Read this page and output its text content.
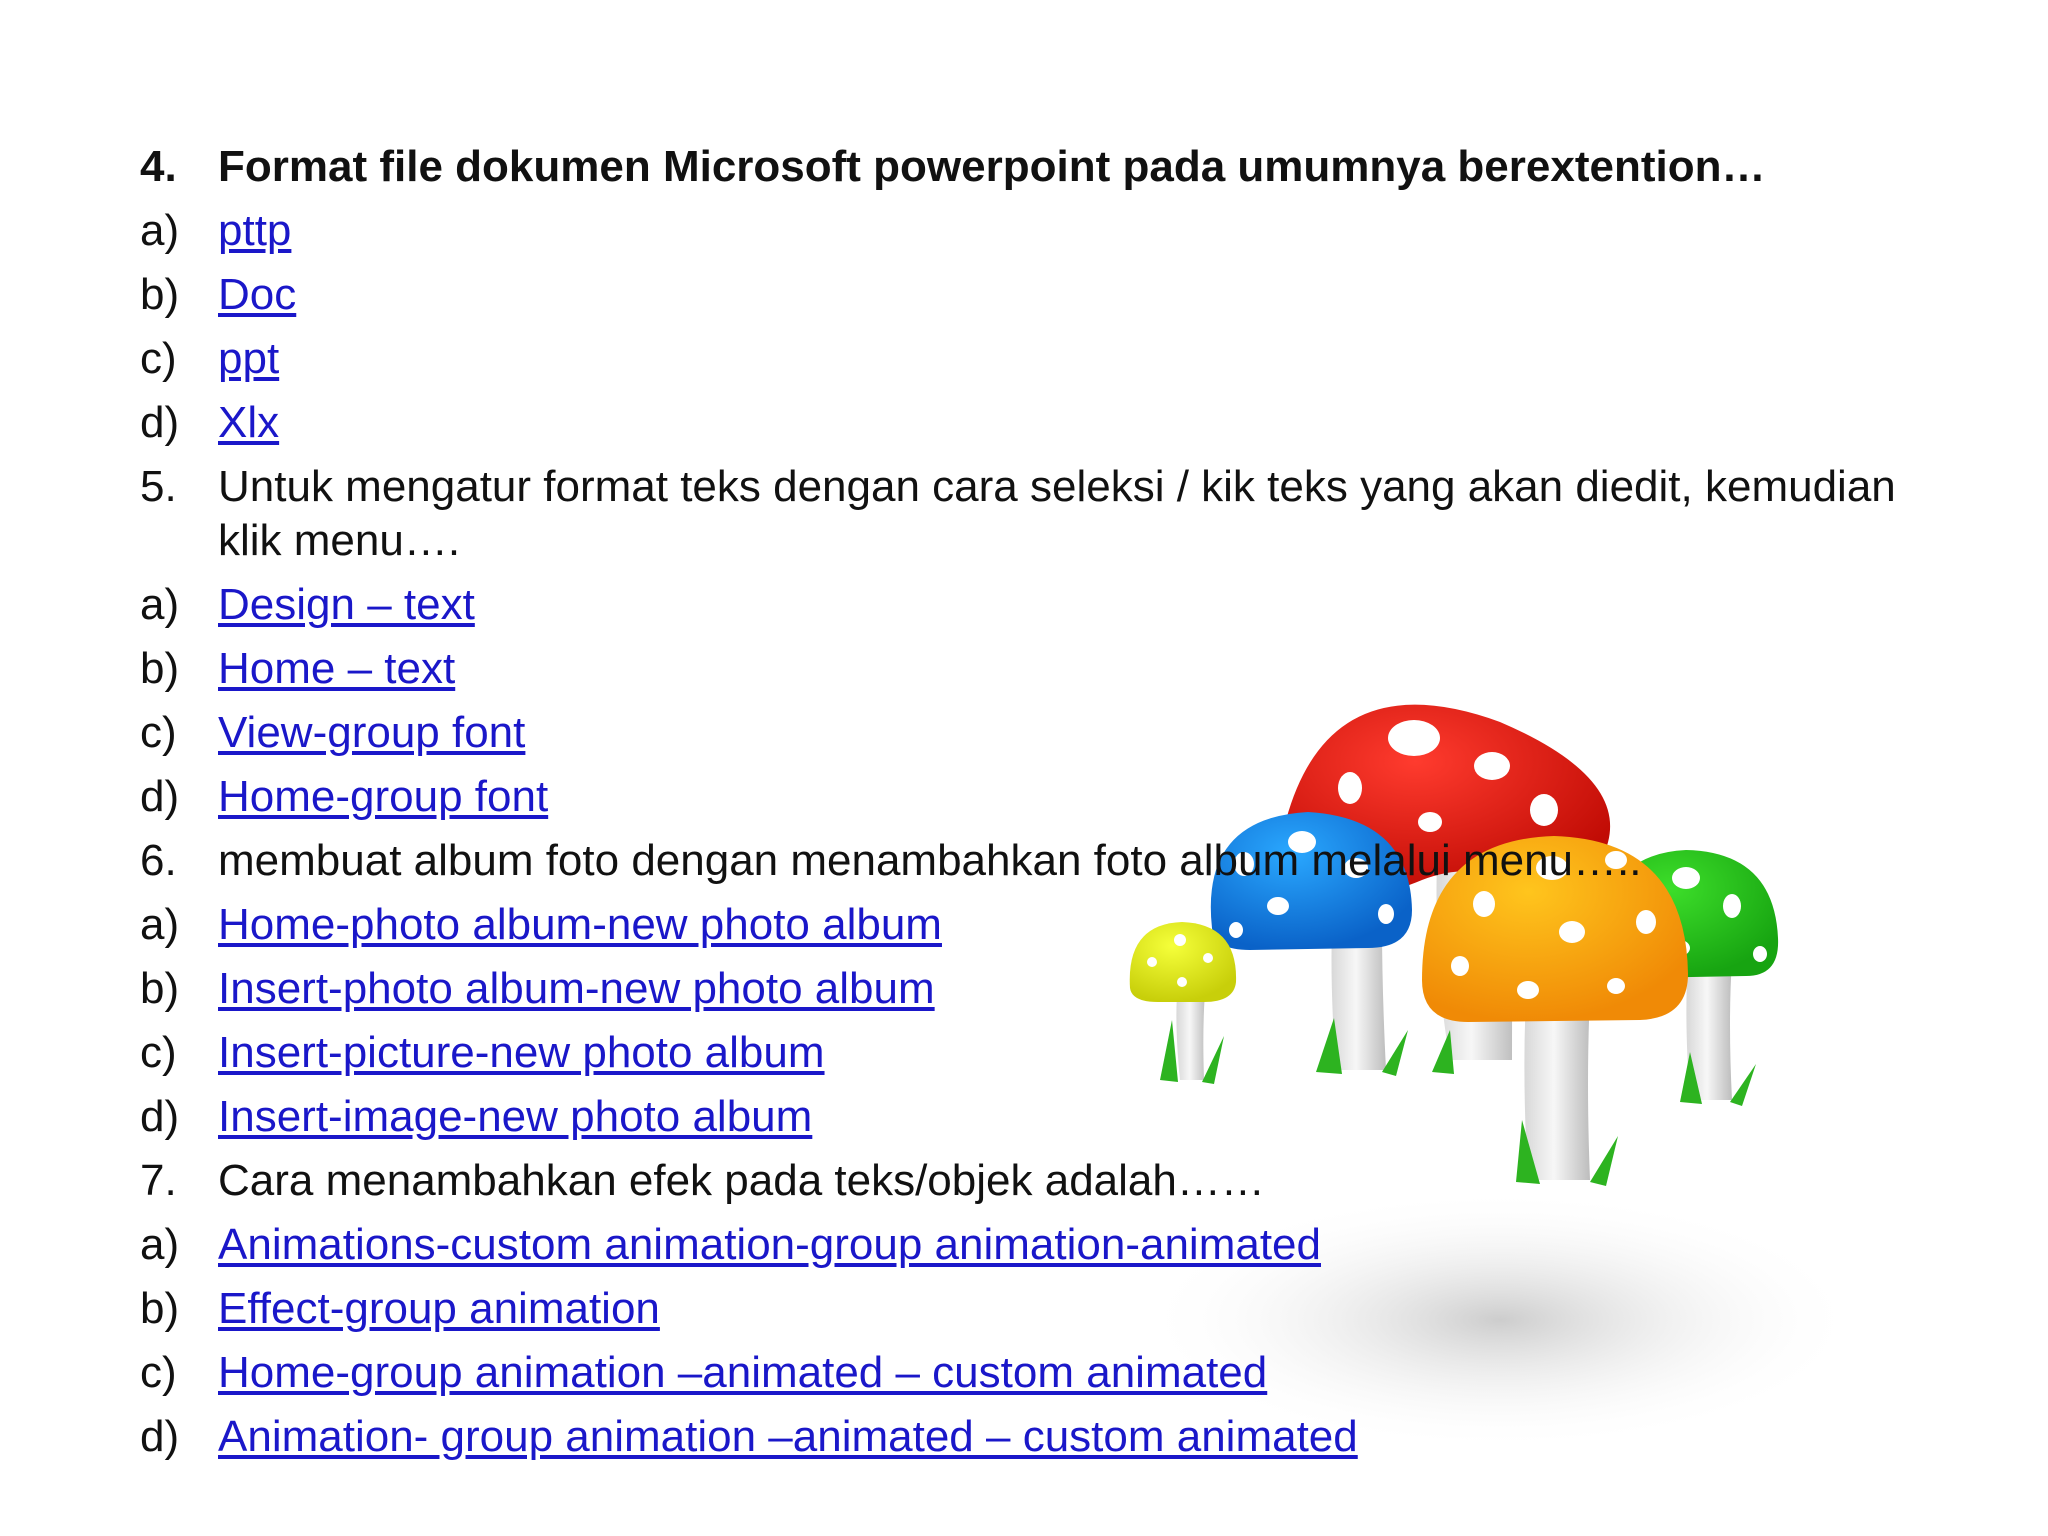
4. Format file dokumen Microsoft powerpoint pada umumnya berextention…
a) pttp
b) Doc
c) ppt
d) Xlx
5. Untuk mengatur format teks dengan cara seleksi / kik teks yang akan diedit, kemudian klik menu….
a) Design – text
b) Home – text
c) View-group font
d) Home-group font
6. membuat album foto dengan menambahkan foto album melalui menu…..
a) Home-photo album-new photo album
b) Insert-photo album-new photo album
c) Insert-picture-new photo album
d) Insert-image-new photo album
7. Cara menambahkan efek pada teks/objek adalah……
a) Animations-custom animation-group animation-animated
b) Effect-group animation
c) Home-group animation –animated – custom animated
d) Animation- group animation –animated – custom animated
